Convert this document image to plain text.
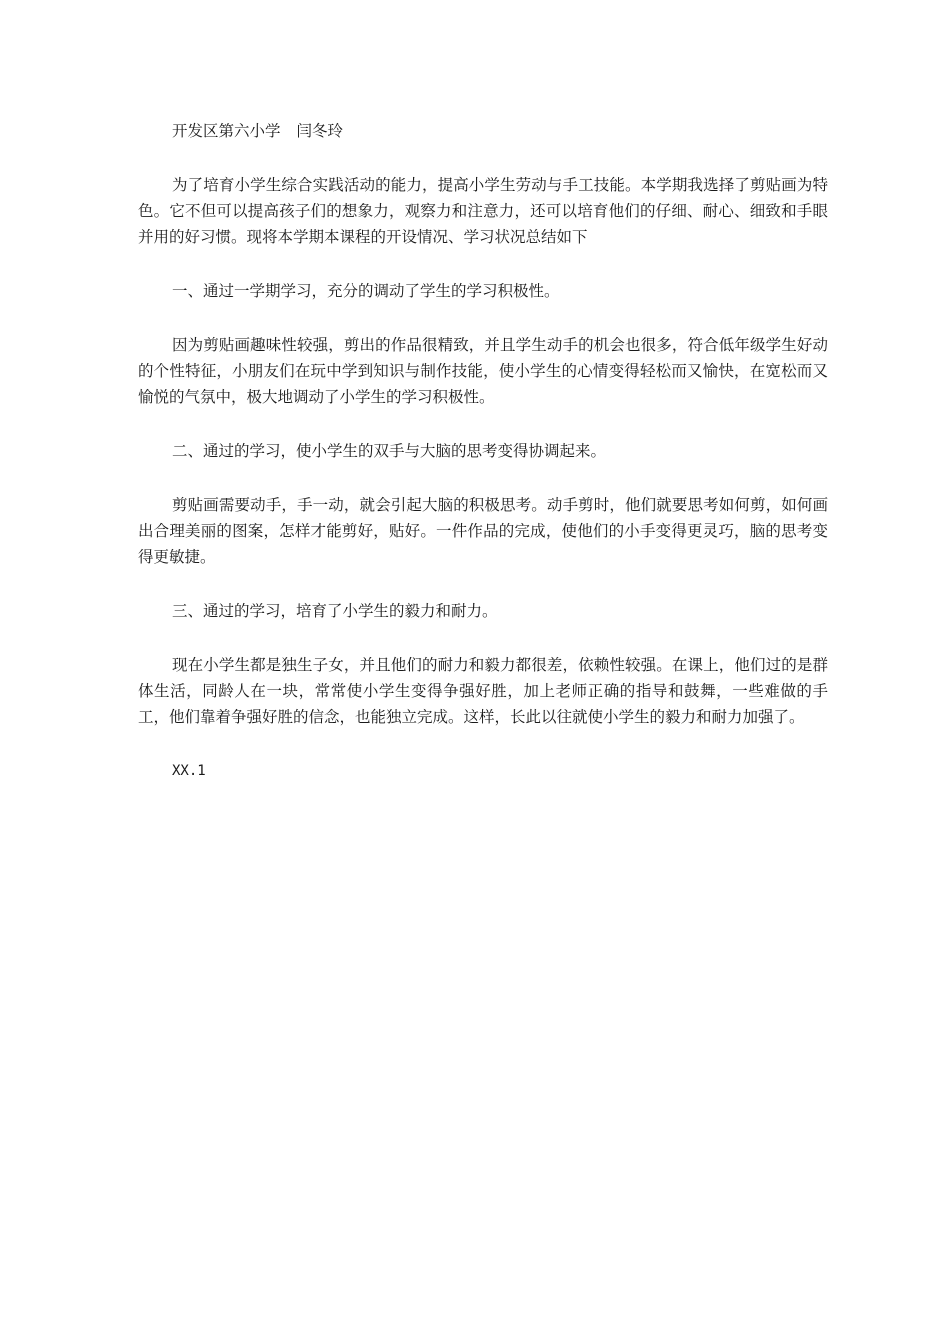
开发区第六小学 闫冬玲

为了培育小学生综合实践活动的能力，提高小学生劳动与手工技能。本学期我选择了剪贴画为特色。它不但可以提高孩子们的想象力，观察力和注意力，还可以培育他们的仔细、耐心、细致和手眼并用的好习惯。现将本学期本课程的开设情况、学习状况总结如下

一、通过一学期学习，充分的调动了学生的学习积极性。

因为剪贴画趣味性较强，剪出的作品很精致，并且学生动手的机会也很多，符合低年级学生好动的个性特征，小朋友们在玩中学到知识与制作技能，使小学生的心情变得轻松而又愉快，在宽松而又愉悦的气氛中，极大地调动了小学生的学习积极性。

二、通过的学习，使小学生的双手与大脑的思考变得协调起来。

剪贴画需要动手，手一动，就会引起大脑的积极思考。动手剪时，他们就要思考如何剪，如何画出合理美丽的图案，怎样才能剪好，贴好。一件作品的完成，使他们的小手变得更灵巧，脑的思考变得更敏捷。

三、通过的学习，培育了小学生的毅力和耐力。

现在小学生都是独生子女，并且他们的耐力和毅力都很差，依赖性较强。在课上，他们过的是群体生活，同龄人在一块，常常使小学生变得争强好胜，加上老师正确的指导和鼓舞，一些难做的手工，他们靠着争强好胜的信念，也能独立完成。这样，长此以往就使小学生的毅力和耐力加强了。

XX.1
